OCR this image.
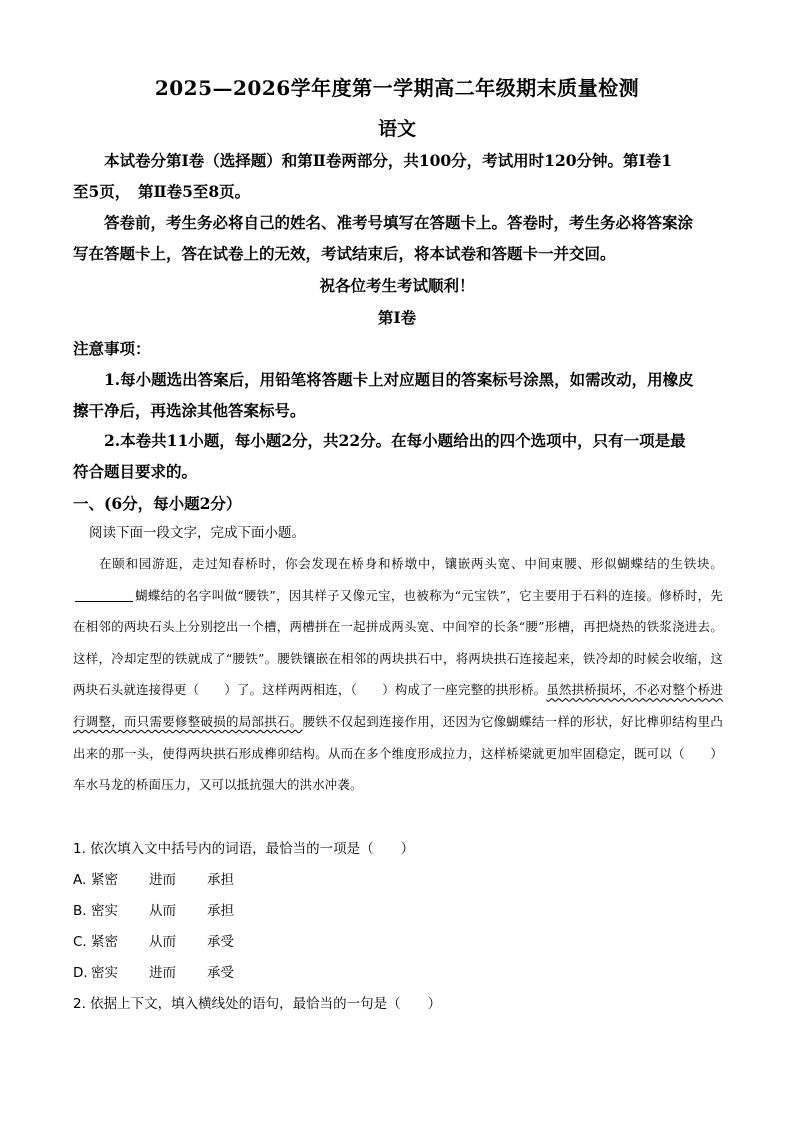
2025—2026学年度第一学期高二年级期末质量检测
语文
本试卷分第Ⅰ卷（选择题）和第Ⅱ卷两部分，共100分，考试用时120分钟。第Ⅰ卷1
至5页，　第Ⅱ卷5至8页。
答卷前，考生务必将自己的姓名、准考号填写在答题卡上。答卷时，考生务必将答案涂
写在答题卡上，答在试卷上的无效，考试结束后，将本试卷和答题卡一并交回。
祝各位考生考试顺利！
第Ⅰ卷
注意事项：
1.每小题选出答案后，用铅笔将答题卡上对应题目的答案标号涂黑，如需改动，用橡皮
擦干净后，再选涂其他答案标号。
2.本卷共11小题，每小题2分，共22分。在每小题给出的四个选项中，只有一项是最
符合题目要求的。
一、(6分，每小题2分）
阅读下面一段文字，完成下面小题。
在颐和园游逛，走过知春桥时，你会发现在桥身和桥墩中，镶嵌两头宽、中间束腰、形似蝴蝶结的生铁块。蝴蝶结的名字叫做“腰铁”，因其样子又像元宝，也被称为“元宝铁”，它主要用于石料的连接。修桥时，先在相邻的两块石头上分别挖出一个槽，两槽拼在一起拼成两头宽、中间窄的长条“腰”形槽，再把烧热的铁浆浇进去。这样，冷却定型的铁就成了“腰铁”。腰铁镶嵌在相邻的两块拱石中，将两块拱石连接起来，铁冷却的时候会收缩，这两块石头就连接得更（　　）了。这样两两相连，（　　）构成了一座完整的拱形桥。虽然拱桥损坏，不必对整个桥进行调整，而只需要修整破损的局部拱石。腰铁不仅起到连接作用，还因为它像蝴蝶结一样的形状，好比榫卯结构里凸出来的那一头，使得两块拱石形成榫卯结构。从而在多个维度形成拉力，这样桥梁就更加牢固稳定，既可以（　　）车水马龙的桥面压力，又可以抵抗强大的洪水冲袭。
1. 依次填入文中括号内的词语，最恰当的一项是（　　）
A. 紧密 进而 承担
B. 密实 从而 承担
C. 紧密 从而 承受
D. 密实 进而 承受
2. 依据上下文，填入横线处的语句，最恰当的一句是（　　）
